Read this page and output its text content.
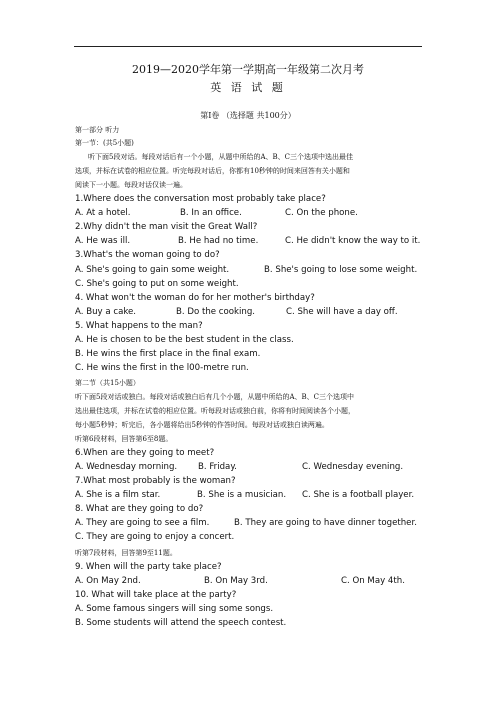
2019—2020学年第一学期高一年级第二次月考
英 语 试 题
第Ⅰ卷 （选择题 共100分）
第一部分 听力
第一节：(共5小题)
听下面5段对话。每段对话后有一个小题，从题中所给的A、B、C三个选项中选出最佳
选项，并标在试卷的相应位置。听完每段对话后，你都有10秒钟的时间来回答有关小题和
阅读下一小题。每段对话仅读一遍。
1.Where does the conversation most probably take place?
A. At a hotel.	B. In an office.	C. On the phone.
2.Why didn't the man visit the Great Wall?
A. He was ill.	B. He had no time.	C. He didn't know the way to it.
3.What's the woman going to do?
A. She's going to gain some weight.	B. She's going to lose some weight.
C. She's going to put on some weight.
4. What won't the woman do for her mother's birthday?
A. Buy a cake.	B. Do the cooking.	C. She will have a day off.
5. What happens to the man?
A. He is chosen to be the best student in the class.
B. He wins the first place in the final exam.
C. He wins the first in the l00-metre run.
第二节（共15小题）
听下面5段对话或独白。每段对话或独白后有几个小题，从题中所给的A、B、C三个选项中
选出最佳选项，并标在试卷的相应位置。听每段对话或独白前，你将有时间阅读各个小题，
每小题5秒钟；听完后，各小题将给出5秒钟的作答时间。每段对话或独白读两遍。
听第6段材料，回答第6至8题。
6.When are they going to meet?
A. Wednesday morning. B. Friday.	C. Wednesday evening.
7.What most probably is the woman?
A. She is a film star.	B. She is a musician. C. She is a football player.
8. What are they going to do?
A. They are going to see a film.	B. They are going to have dinner together.
C. They are going to enjoy a concert.
听第7段材料，回答第9至11题。
9. When will the party take place?
A. On May 2nd.	B. On May 3rd.	C. On May 4th.
10. What will take place at the party?
A. Some famous singers will sing some songs.
B. Some students will attend the speech contest.
